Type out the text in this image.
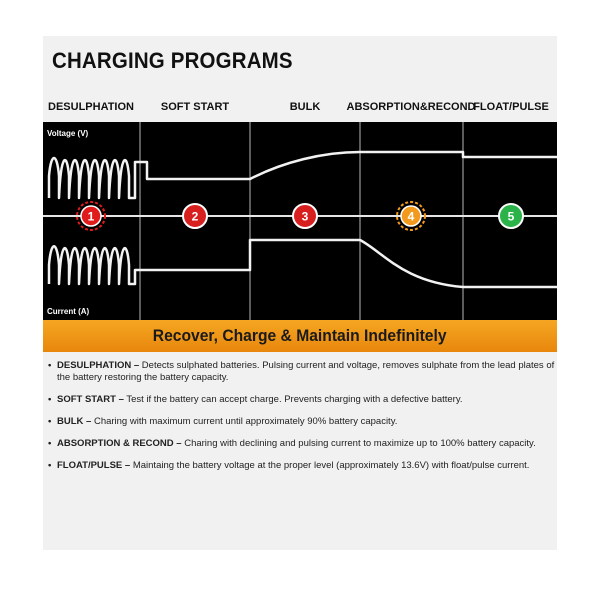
CHARGING PROGRAMS
DESULPHATION SOFT START	BULK ABSORPTION&RECOND
FLOAT/PULSE
1	2	3	4	5
Voltage (V)
Current (A)
Recover, Charge & Maintain Indefinitely
• DESULPHATION – Detects sulphated batteries. Pulsing current and voltage, removes sulphate from the lead plates of the battery restoring the battery capacity.
• SOFT START – Test if the battery can accept charge. Prevents charging with a defective battery.
• BULK – Charing with maximum current until approximately 90% battery capacity.
• ABSORPTION & RECOND – Charing with declining and pulsing current to maximize up to 100% battery capacity.
• FLOAT/PULSE – Maintaing the battery voltage at the proper level (approximately 13.6V) with float/pulse current.
